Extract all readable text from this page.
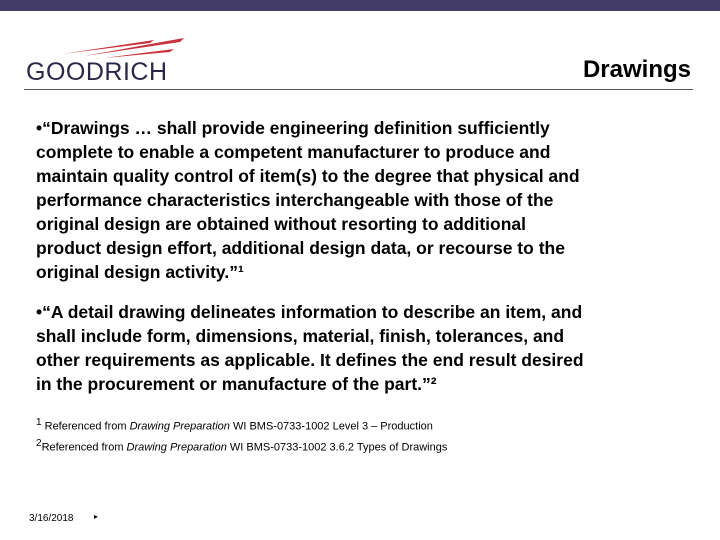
GOODRICH	Drawings
•“Drawings … shall provide engineering definition sufficiently
complete to enable a competent manufacturer to produce and
maintain quality control of item(s) to the degree that physical and
performance characteristics interchangeable with those of the
original design are obtained without resorting to additional
product design effort, additional design data, or recourse to the
original design activity.”¹
•“A detail drawing delineates information to describe an item, and
shall include form, dimensions, material, finish, tolerances, and
other requirements as applicable. It defines the end result desired
in the procurement or manufacture of the part.”²
$^1$ Referenced from Drawing Preparation WI BMS-0733-1002 Level 3 – Production
$^2$Referenced from Drawing Preparation WI BMS-0733-1002 3.6.2 Types of Drawings
3/16/2018	▸
